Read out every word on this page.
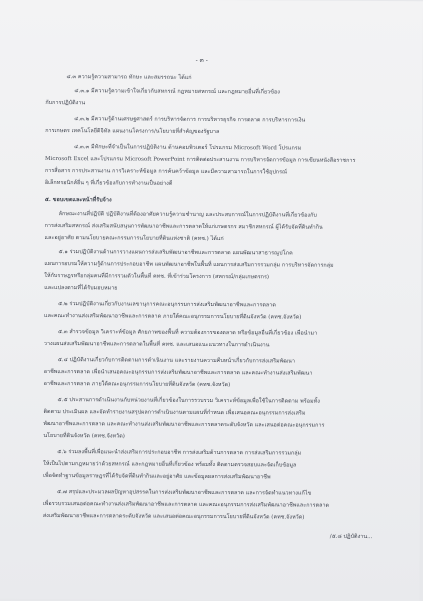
- ๓ -
๔.๓ ความรู้ความสามารถ ทักษะ และสมรรถนะ ได้แก่
๔.๓.๑ มีความรู้ความเข้าใจเกี่ยวกับสหกรณ์ กฎหมายสหกรณ์ และกฎหมายอื่นที่เกี่ยวข้อง
กับการปฏิบัติงาน
๔.๓.๒ มีความรู้ด้านเศรษฐศาสตร์ การบริหารจัดการ การบริหารธุรกิจ การตลาด การบริหารการเงิน
การเกษตร เทคโนโลยีดิจิทัล แผนงานโครงการ/นโยบายที่สำคัญของรัฐบาล
๔.๓.๓ มีทักษะที่จำเป็นในการปฏิบัติงาน ด้านคอมพิวเตอร์ โปรแกรม Microsoft Word โปรแกรม
Microsoft Excel และโปรแกรม Microsoft PowerPoint การติดต่อประสานงาน การบริหารจัดการข้อมูล การเขียนหนังสือราชการ
การสื่อสาร การประสานงาน การวิเคราะห์ข้อมูล การค้นคว้าข้อมูล และมีความสามารถในการใช้อุปกรณ์
อิเล็กทรอนิกส์อื่น ๆ ที่เกี่ยวข้องกับการทำงานเป็นอย่างดี
๕. ขอบเขตและหน้าที่รับจ้าง
ลักษณะงานที่ปฏิบัติ ปฏิบัติงานที่ต้องอาศัยความรู้ความชำนาญ และประสบการณ์ในการปฏิบัติงานที่เกี่ยวข้องกับ
การส่งเสริมสหกรณ์ ส่งเสริมสนับสนุนการพัฒนาอาชีพและการตลาดให้แก่เกษตรกร สมาชิกสหกรณ์ ผู้ได้รับจัดที่ดินทำกิน
และอยู่อาศัย ตามนโยบายคณะกรรมการนโยบายที่ดินแห่งชาติ (คทช.) ได้แก่
๕.๑ ร่วมปฏิบัติงานด้านการวางแผนการส่งเสริมพัฒนาอาชีพและการตลาด แผนพัฒนาสาธารณูปโภค
แผนการอบรมให้ความรู้ด้านการประกอบอาชีพ แผนพัฒนาอาชีพในพื้นที่ แผนการส่งเสริมการรวมกลุ่ม การบริหารจัดการกลุ่ม
ให้กับราษฎรหรือกลุ่มคนที่มีการรวมตัวในพื้นที่ คทช. ที่เข้าร่วมโครงการ (สหกรณ์/กลุ่มเกษตรกร)
และแปลงตามที่ได้รับมอบหมาย
๕.๒ ร่วมปฏิบัติงานเกี่ยวกับงานเลขานุการคณะอนุกรรมการส่งเสริมพัฒนาอาชีพและการตลาด
และคณะทำงานส่งเสริมพัฒนาอาชีพและการตลาด ภายใต้คณะอนุกรรมการนโยบายที่ดินจังหวัด (คทช.จังหวัด)
๕.๓ สำรวจข้อมูล วิเคราะห์ข้อมูล ศักยภาพของพื้นที่ ความต้องการของตลาด หรือข้อมูลอื่นที่เกี่ยวข้อง เพื่อนำมา
วางแผนส่งเสริมพัฒนาอาชีพและการตลาดในพื้นที่ คทช. และเสนอแนะแนวทางในการดำเนินงาน
๕.๔ ปฏิบัติงานเกี่ยวกับการติดตามการดำเนินงาน และรายงานความคืบหน้าเกี่ยวกับการส่งเสริมพัฒนา
อาชีพและการตลาด เพื่อนำเสนอคณะอนุกรรมการส่งเสริมพัฒนาอาชีพและการตลาด และคณะทำงานส่งเสริมพัฒนา
อาชีพและการตลาด ภายใต้คณะอนุกรรมการนโยบายที่ดินจังหวัด (คทช.จังหวัด)
๕.๕ ประสานการดำเนินงานกับหน่วยงานที่เกี่ยวข้องในการรวบรวม วิเคราะห์ข้อมูลเพื่อใช้ในการติดตาม พร้อมทั้ง
ติดตาม ประเมินผล และจัดทำรายงานสรุปผลการดำเนินงานตามแผนที่กำหนด เพื่อเสนอคณะอนุกรรมการส่งเสริม
พัฒนาอาชีพและการตลาด และคณะทำงานส่งเสริมพัฒนาอาชีพและการตลาดระดับจังหวัด และเสนอต่อคณะอนุกรรมการ
นโยบายที่ดินจังหวัด (คทช.จังหวัด)
๕.๖ ร่วมลงพื้นที่เพื่อแนะนำส่งเสริมการประกอบอาชีพ การส่งเสริมด้านการตลาด การส่งเสริมการรวมกลุ่ม
ให้เป็นไปตามกฎหมายว่าด้วยสหกรณ์ และกฎหมายอื่นที่เกี่ยวข้อง พร้อมทั้ง ติดตามตรวจสอบและจัดเก็บข้อมูล
เพื่อจัดทำฐานข้อมูลราษฎรที่ได้รับจัดที่ดินทำกินและอยู่อาศัย และข้อมูลผลการส่งเสริมพัฒนาอาชีพ
๕.๗ สรุปและประมวลผลปัญหาอุปสรรคในการส่งเสริมพัฒนาอาชีพและการตลาด และการจัดทำแนวทางแก้ไข
เพื่อรวบรวมเสนอต่อคณะทำงานส่งเสริมพัฒนาอาชีพและการตลาด และคณะอนุกรรมการส่งเสริมพัฒนาอาชีพและการตลาด
ส่งเสริมพัฒนาอาชีพและการตลาดระดับจังหวัด และเสนอต่อคณะอนุกรรมการนโยบายที่ดินจังหวัด (คทช.จังหวัด)
/๕.๘ ปฏิบัติงาน...
